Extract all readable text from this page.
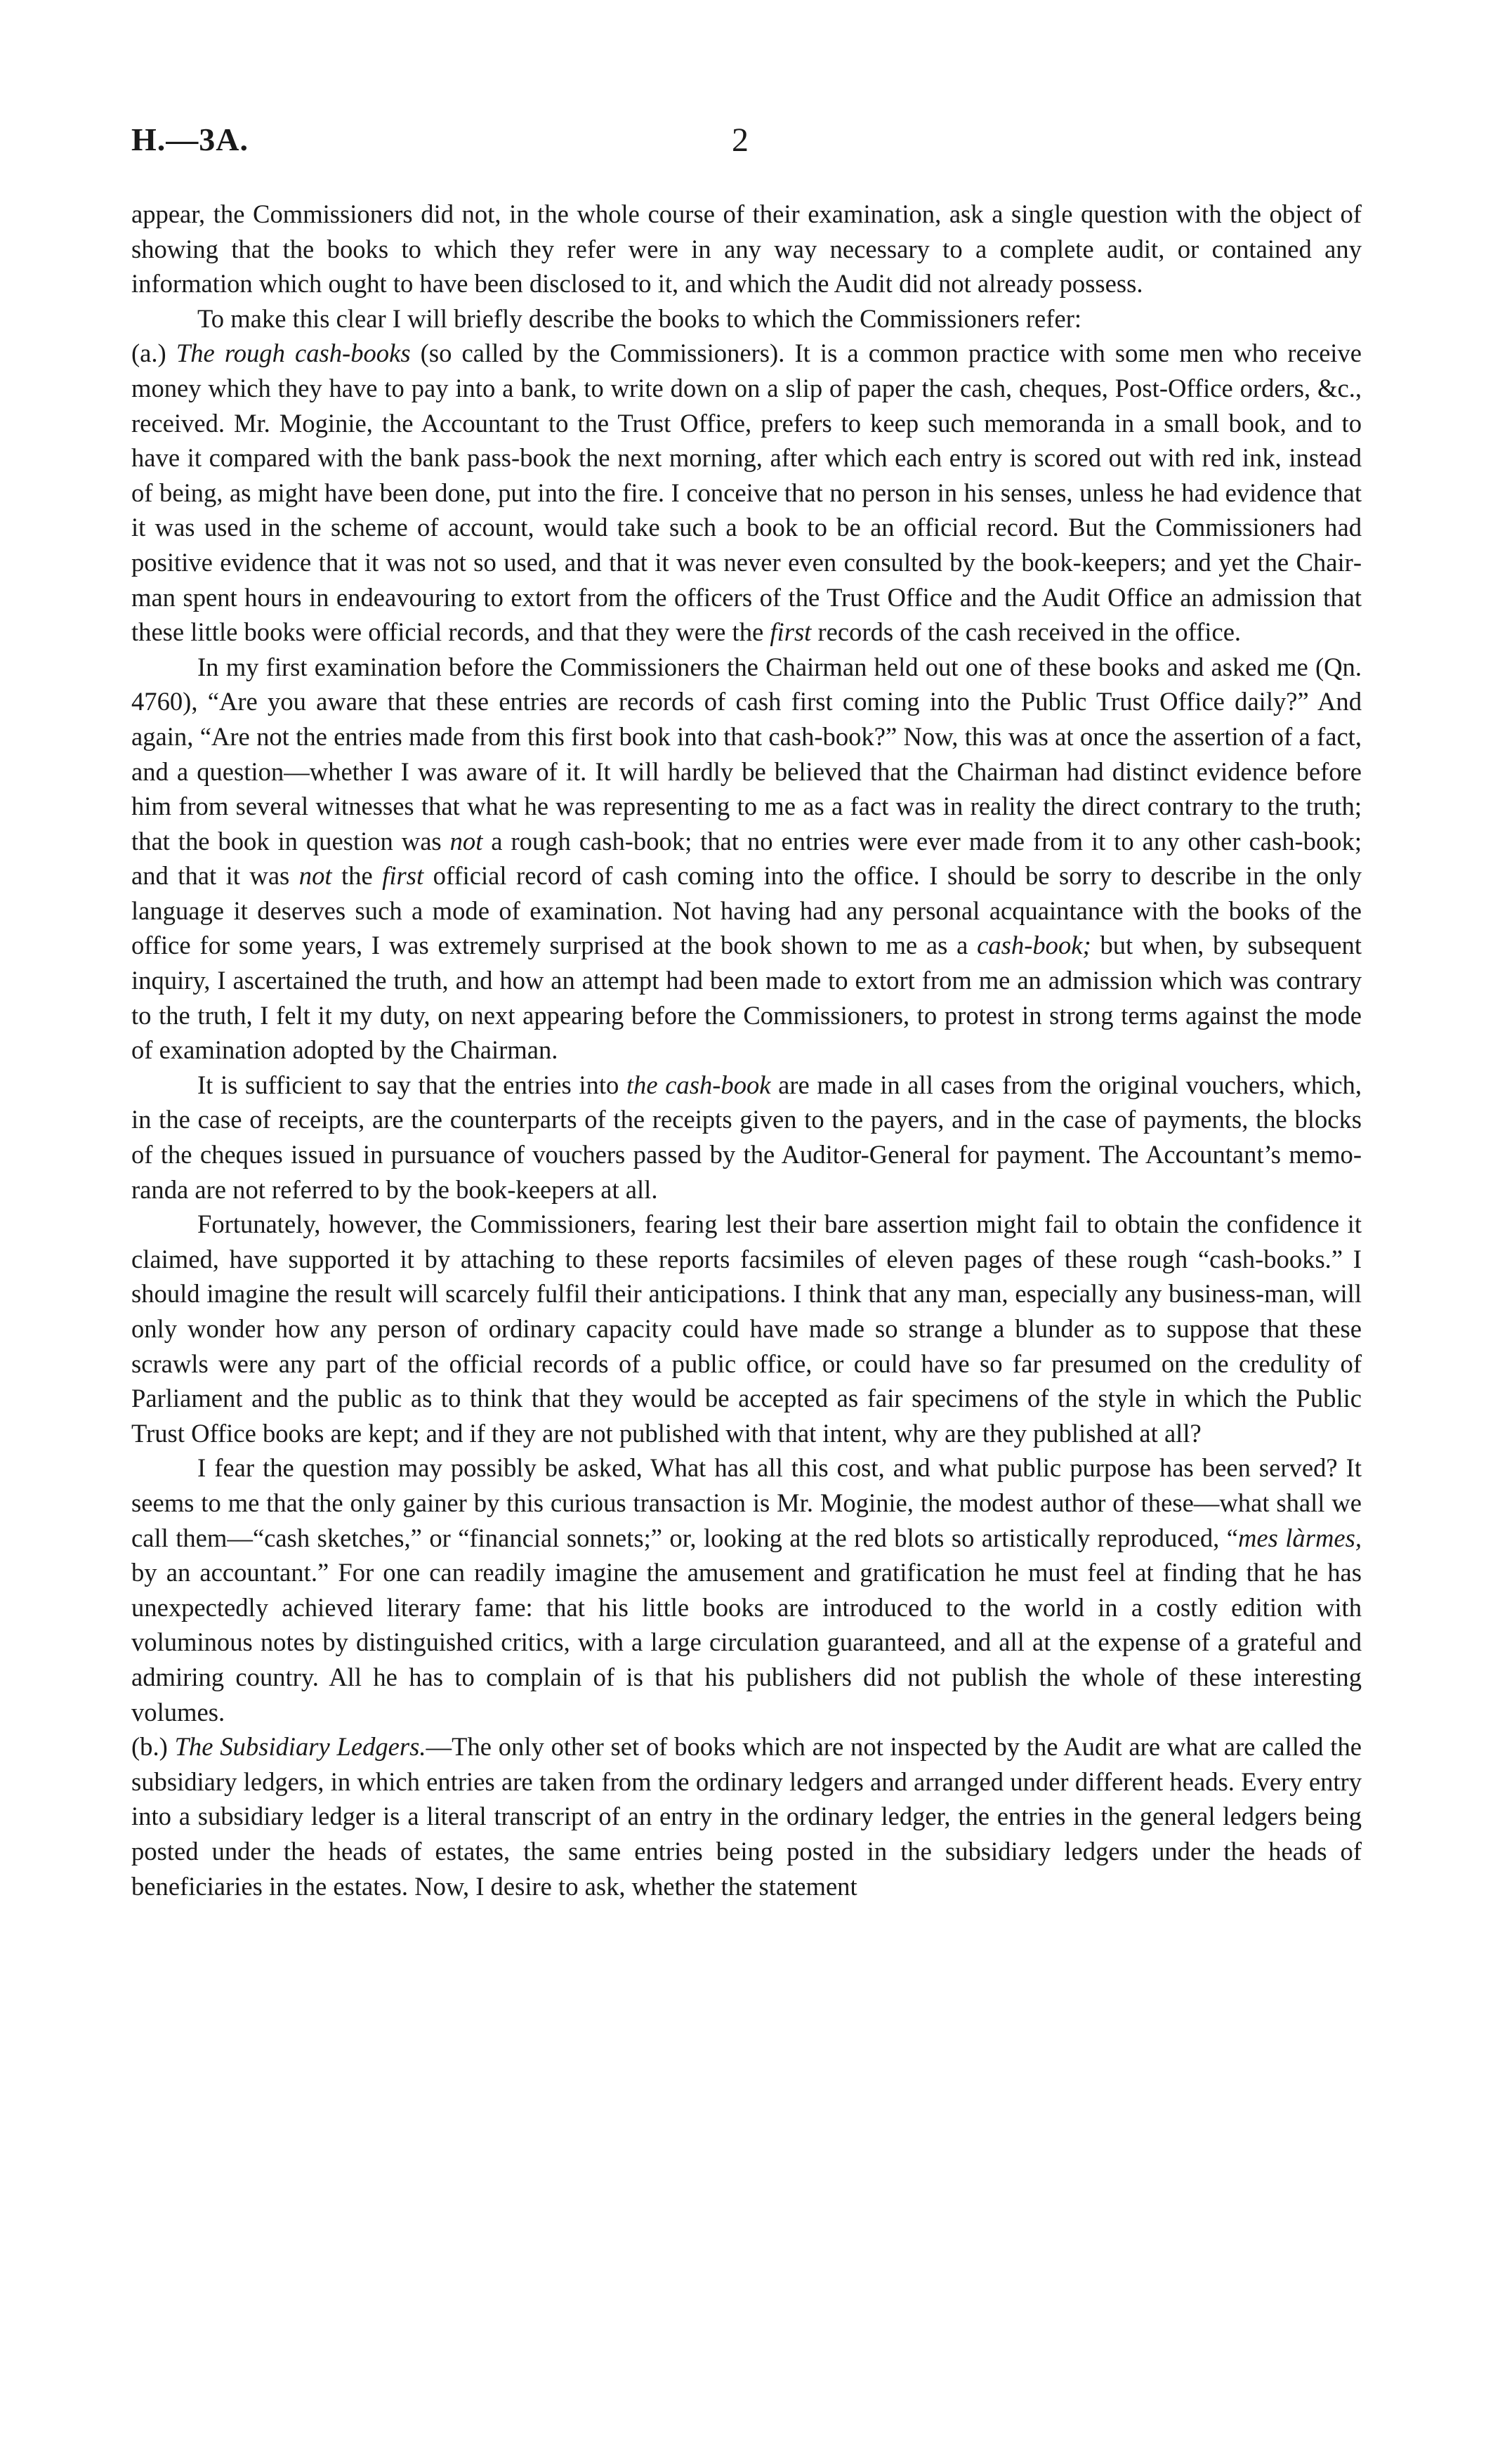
H.—3A.	2

appear, the Commissioners did not, in the whole course of their examination, ask a single question with the object of showing that the books to which they refer were in any way necessary to a complete audit, or contained any information which ought to have been disclosed to it, and which the Audit did not already possess.

To make this clear I will briefly describe the books to which the Commissioners refer:

(a.) The rough cash-books (so called by the Commissioners). It is a common practice with some men who receive money which they have to pay into a bank, to write down on a slip of paper the cash, cheques, Post-Office orders, &c., received. Mr. Moginie, the Accountant to the Trust Office, prefers to keep such memoranda in a small book, and to have it compared with the bank pass-book the next morning, after which each entry is scored out with red ink, instead of being, as might have been done, put into the fire. I conceive that no person in his senses, unless he had evidence that it was used in the scheme of account, would take such a book to be an official record. But the Commissioners had positive evidence that it was not so used, and that it was never even consulted by the book-keepers; and yet the Chairman spent hours in endeavouring to extort from the officers of the Trust Office and the Audit Office an admission that these little books were official records, and that they were the first records of the cash received in the office.

In my first examination before the Commissioners the Chairman held out one of these books and asked me (Qn. 4760), “Are you aware that these entries are records of cash first coming into the Public Trust Office daily?” And again, “Are not the entries made from this first book into that cash-book?” Now, this was at once the assertion of a fact, and a question—whether I was aware of it. It will hardly be believed that the Chairman had distinct evidence before him from several witnesses that what he was representing to me as a fact was in reality the direct contrary to the truth; that the book in question was not a rough cash-book; that no entries were ever made from it to any other cash-book; and that it was not the first official record of cash coming into the office. I should be sorry to describe in the only language it deserves such a mode of examination. Not having had any personal acquaintance with the books of the office for some years, I was extremely surprised at the book shown to me as a cash-book; but when, by subsequent inquiry, I ascertained the truth, and how an attempt had been made to extort from me an admission which was contrary to the truth, I felt it my duty, on next appearing before the Commissioners, to protest in strong terms against the mode of examination adopted by the Chairman.

It is sufficient to say that the entries into the cash-book are made in all cases from the original vouchers, which, in the case of receipts, are the counterparts of the receipts given to the payers, and in the case of payments, the blocks of the cheques issued in pursuance of vouchers passed by the Auditor-General for payment. The Accountant’s memoranda are not referred to by the book-keepers at all.

Fortunately, however, the Commissioners, fearing lest their bare assertion might fail to obtain the confidence it claimed, have supported it by attaching to these reports facsimiles of eleven pages of these rough “cash-books.” I should imagine the result will scarcely fulfil their anticipations. I think that any man, especially any business-man, will only wonder how any person of ordinary capacity could have made so strange a blunder as to suppose that these scrawls were any part of the official records of a public office, or could have so far presumed on the credulity of Parliament and the public as to think that they would be accepted as fair specimens of the style in which the Public Trust Office books are kept; and if they are not published with that intent, why are they published at all?

I fear the question may possibly be asked, What has all this cost, and what public purpose has been served? It seems to me that the only gainer by this curious transaction is Mr. Moginie, the modest author of these—what shall we call them—“cash sketches,” or “financial sonnets;” or, looking at the red blots so artistically reproduced, “mes làrmes, by an accountant.” For one can readily imagine the amusement and gratification he must feel at finding that he has unexpectedly achieved literary fame: that his little books are introduced to the world in a costly edition with voluminous notes by distinguished critics, with a large circulation guaranteed, and all at the expense of a grateful and admiring country. All he has to complain of is that his publishers did not publish the whole of these interesting volumes.

(b.) The Subsidiary Ledgers.—The only other set of books which are not inspected by the Audit are what are called the subsidiary ledgers, in which entries are taken from the ordinary ledgers and arranged under different heads. Every entry into a subsidiary ledger is a literal transcript of an entry in the ordinary ledger, the entries in the general ledgers being posted under the heads of estates, the same entries being posted in the subsidiary ledgers under the heads of beneficiaries in the estates. Now, I desire to ask, whether the statement
